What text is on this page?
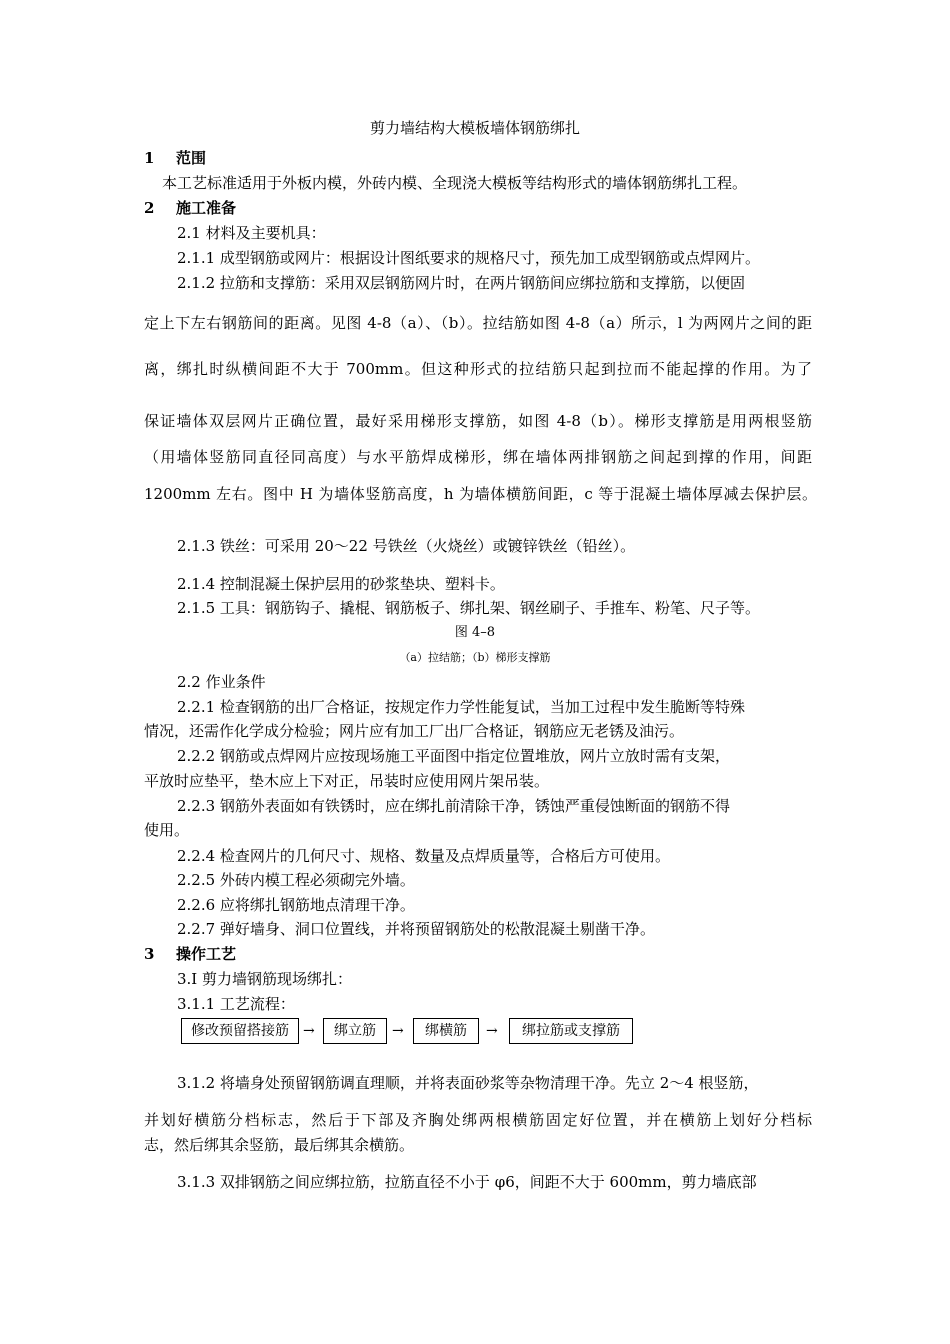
剪力墙结构大模板墙体钢筋绑扎
1 范围
本工艺标准适用于外板内模，外砖内模、全现浇大模板等结构形式的墙体钢筋绑扎工程。
2 施工准备
2.1 材料及主要机具：
2.1.1 成型钢筋或网片：根据设计图纸要求的规格尺寸，预先加工成型钢筋或点焊网片。
2.1.2 拉筋和支撑筋：采用双层钢筋网片时，在两片钢筋间应绑拉筋和支撑筋，以便固
定上下左右钢筋间的距离。见图 4-8（a）、（b）。拉结筋如图 4-8（a）所示，l 为两网片之间的距
离，绑扎时纵横间距不大于 700mm。但这种形式的拉结筋只起到拉而不能起撑的作用。为了
保证墙体双层网片正确位置，最好采用梯形支撑筋，如图 4-8（b）。梯形支撑筋是用两根竖筋
（用墙体竖筋同直径同高度）与水平筋焊成梯形，绑在墙体两排钢筋之间起到撑的作用，间距
1200mm 左右。图中 H 为墙体竖筋高度，h 为墙体横筋间距，c 等于混凝土墙体厚减去保护层。
2.1.3 铁丝：可采用 20～22 号铁丝（火烧丝）或镀锌铁丝（铅丝）。
2.1.4 控制混凝土保护层用的砂浆垫块、塑料卡。
2.1.5 工具：钢筋钩子、撬棍、钢筋板子、绑扎架、钢丝刷子、手推车、粉笔、尺子等。
图 4–8
（a）拉结筋；（b）梯形支撑筋
2.2 作业条件
2.2.1 检查钢筋的出厂合格证，按规定作力学性能复试，当加工过程中发生脆断等特殊
情况，还需作化学成分检验；网片应有加工厂出厂合格证，钢筋应无老锈及油污。
2.2.2 钢筋或点焊网片应按现场施工平面图中指定位置堆放，网片立放时需有支架，
平放时应垫平，垫木应上下对正，吊装时应使用网片架吊装。
2.2.3 钢筋外表面如有铁锈时，应在绑扎前清除干净，锈蚀严重侵蚀断面的钢筋不得
使用。
2.2.4 检查网片的几何尺寸、规格、数量及点焊质量等，合格后方可使用。
2.2.5 外砖内模工程必须砌完外墙。
2.2.6 应将绑扎钢筋地点清理干净。
2.2.7 弹好墙身、洞口位置线，并将预留钢筋处的松散混凝土剔凿干净。
3 操作工艺
3.I 剪力墙钢筋现场绑扎：
3.1.1 工艺流程：
修改预留搭接筋	→	绑立筋	→	绑横筋	→	绑拉筋或支撑筋
3.1.2 将墙身处预留钢筋调直理顺，并将表面砂浆等杂物清理干净。先立 2～4 根竖筋，
并划好横筋分档标志，然后于下部及齐胸处绑两根横筋固定好位置，并在横筋上划好分档标
志，然后绑其余竖筋，最后绑其余横筋。
3.1.3 双排钢筋之间应绑拉筋，拉筋直径不小于 φ6，间距不大于 600mm，剪力墙底部
